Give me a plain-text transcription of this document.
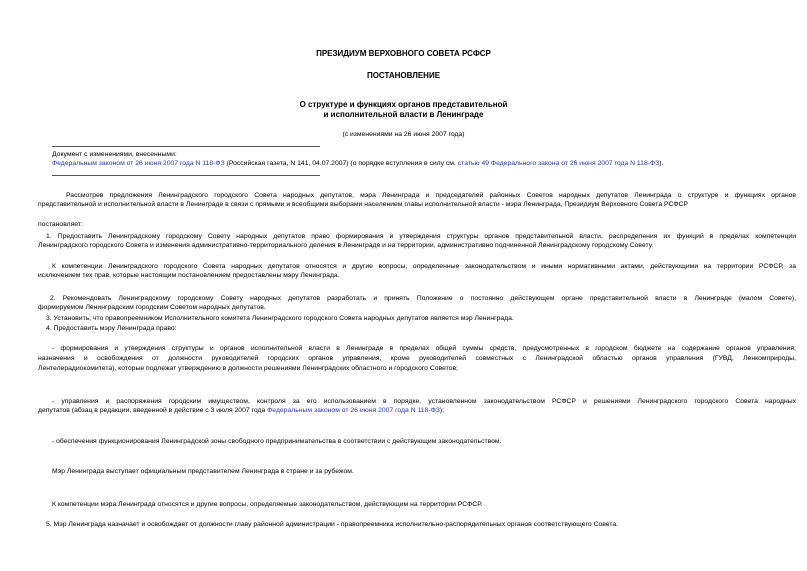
ПРЕЗИДИУМ ВЕРХОВНОГО СОВЕТА РСФСР
ПОСТАНОВЛЕНИЕ
О структуре и функциях органов представительной
и исполнительной власти в Ленинграде
(с изменениями на 26 июня 2007 года)
Документ с изменениями, внесенными:
Федеральным законом от 26 июня 2007 года N 118-ФЗ (Российская газета, N 141, 04.07.2007) (о порядке вступления в силу см. статью 49 Федерального закона от 26 июня 2007 года N 118-ФЗ).
Рассмотрев предложения Ленинградского городского Совета народных депутатов, мэра Ленинграда и председателей районных Советов народных депутатов Ленинграда о структуре и функциях органов
представительной и исполнительной власти в Ленинграде в связи с прямыми и всеобщими выборами населением главы исполнительной власти - мэра Ленинграда, Президиум Верховного Совета РСФСР
постановляет:
1. Предоставить Ленинградскому городскому Совету народных депутатов право формирования и утверждения структуры органов представительной власти, распределения их функций в пределах компетенции
Ленинградского городского Совета и изменения административно-территориального деления в Ленинграде и на территории, административно подчиненной Ленинградскому городскому Совету.
К компетенции Ленинградского городского Совета народных депутатов относятся и другие вопросы, определенные законодательством и иными нормативными актами, действующими на территории РСФСР, за
исключением тех прав, которые настоящим постановлением предоставлены мэру Ленинграда.
2. Рекомендовать Ленинградскому городскому Совету народных депутатов разработать и принять Положение о постоянно действующем органе представительной власти в Ленинграде (малом Совете),
формируемом Ленинградским городским Советом народных депутатов.
3. Установить, что правопреемником Исполнительного комитета Ленинградского городского Совета народных депутатов является мэр Ленинграда.
4. Предоставить мэру Ленинграда право:
- формирования и утверждения структуры и органов исполнительной власти в Ленинграде в пределах общей суммы средств, предусмотренных в городском бюджете на содержание органов управления;
назначения и освобождения от должности руководителей городских органов управления, кроме руководителей совместных с Ленинградской областью органов управления (ГУВД, Ленкомприроды,
Лентелерадиокомитета), которые подлежат утверждению в должности решениями Ленинградских областного и городского Советов;
- управления и распоряжения городским имуществом, контроля за его использованием в порядке, установленном законодательством РСФСР и решениями Ленинградского городского Совета народных
депутатов (абзац в редакции, введенной в действие с 3 июля 2007 года Федеральным законом от 26 июня 2007 года N 118-ФЗ);
- обеспечения функционирования Ленинградской зоны свободного предпринимательства в соответствии с действующим законодательством.
Мэр Ленинграда выступает официальным представителем Ленинграда в стране и за рубежом.
К компетенции мэра Ленинграда относятся и другие вопросы, определяемые законодательством, действующим на территории РСФСР.
5. Мэр Ленинграда назначает и освобождает от должности главу районной администрации - правопреемника исполнительно-распорядительных органов соответствующего Совета.
